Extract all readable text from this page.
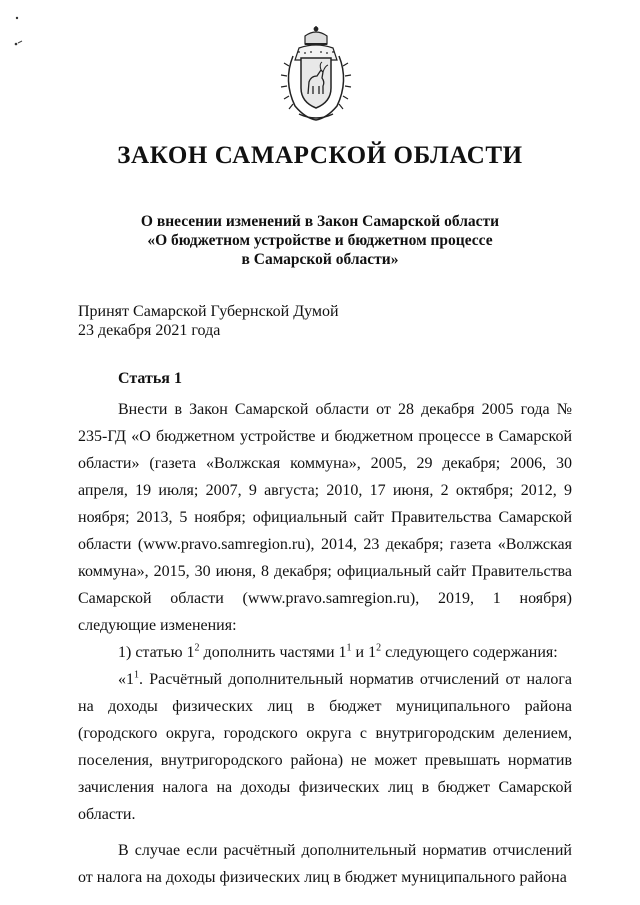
ЗАКОН САМАРСКОЙ ОБЛАСТИ
О внесении изменений в Закон Самарской области
«О бюджетном устройстве и бюджетном процессе
в Самарской области»
Принят Самарской Губернской Думой
23 декабря 2021 года
Статья 1

Внести в Закон Самарской области от 28 декабря 2005 года № 235-ГД «О бюджетном устройстве и бюджетном процессе в Самарской области» (газета «Волжская коммуна», 2005, 29 декабря; 2006, 30 апреля, 19 июля; 2007, 9 августа; 2010, 17 июня, 2 октября; 2012, 9 ноября; 2013, 5 ноября; официальный сайт Правительства Самарской области (www.pravo.samregion.ru), 2014, 23 декабря; газета «Волжская коммуна», 2015, 30 июня, 8 декабря; официальный сайт Правительства Самарской области (www.pravo.samregion.ru), 2019, 1 ноября) следующие изменения:

1) статью $1^2$ дополнить частями $1^1$ и $1^2$ следующего содержания:

«$1^1$. Расчётный дополнительный норматив отчислений от налога на доходы физических лиц в бюджет муниципального района (городского округа, городского округа с внутригородским делением, поселения, внутригородского района) не может превышать норматив зачисления налога на доходы физических лиц в бюджет Самарской области.

В случае если расчётный дополнительный норматив отчислений от налога на доходы физических лиц в бюджет муниципального района
